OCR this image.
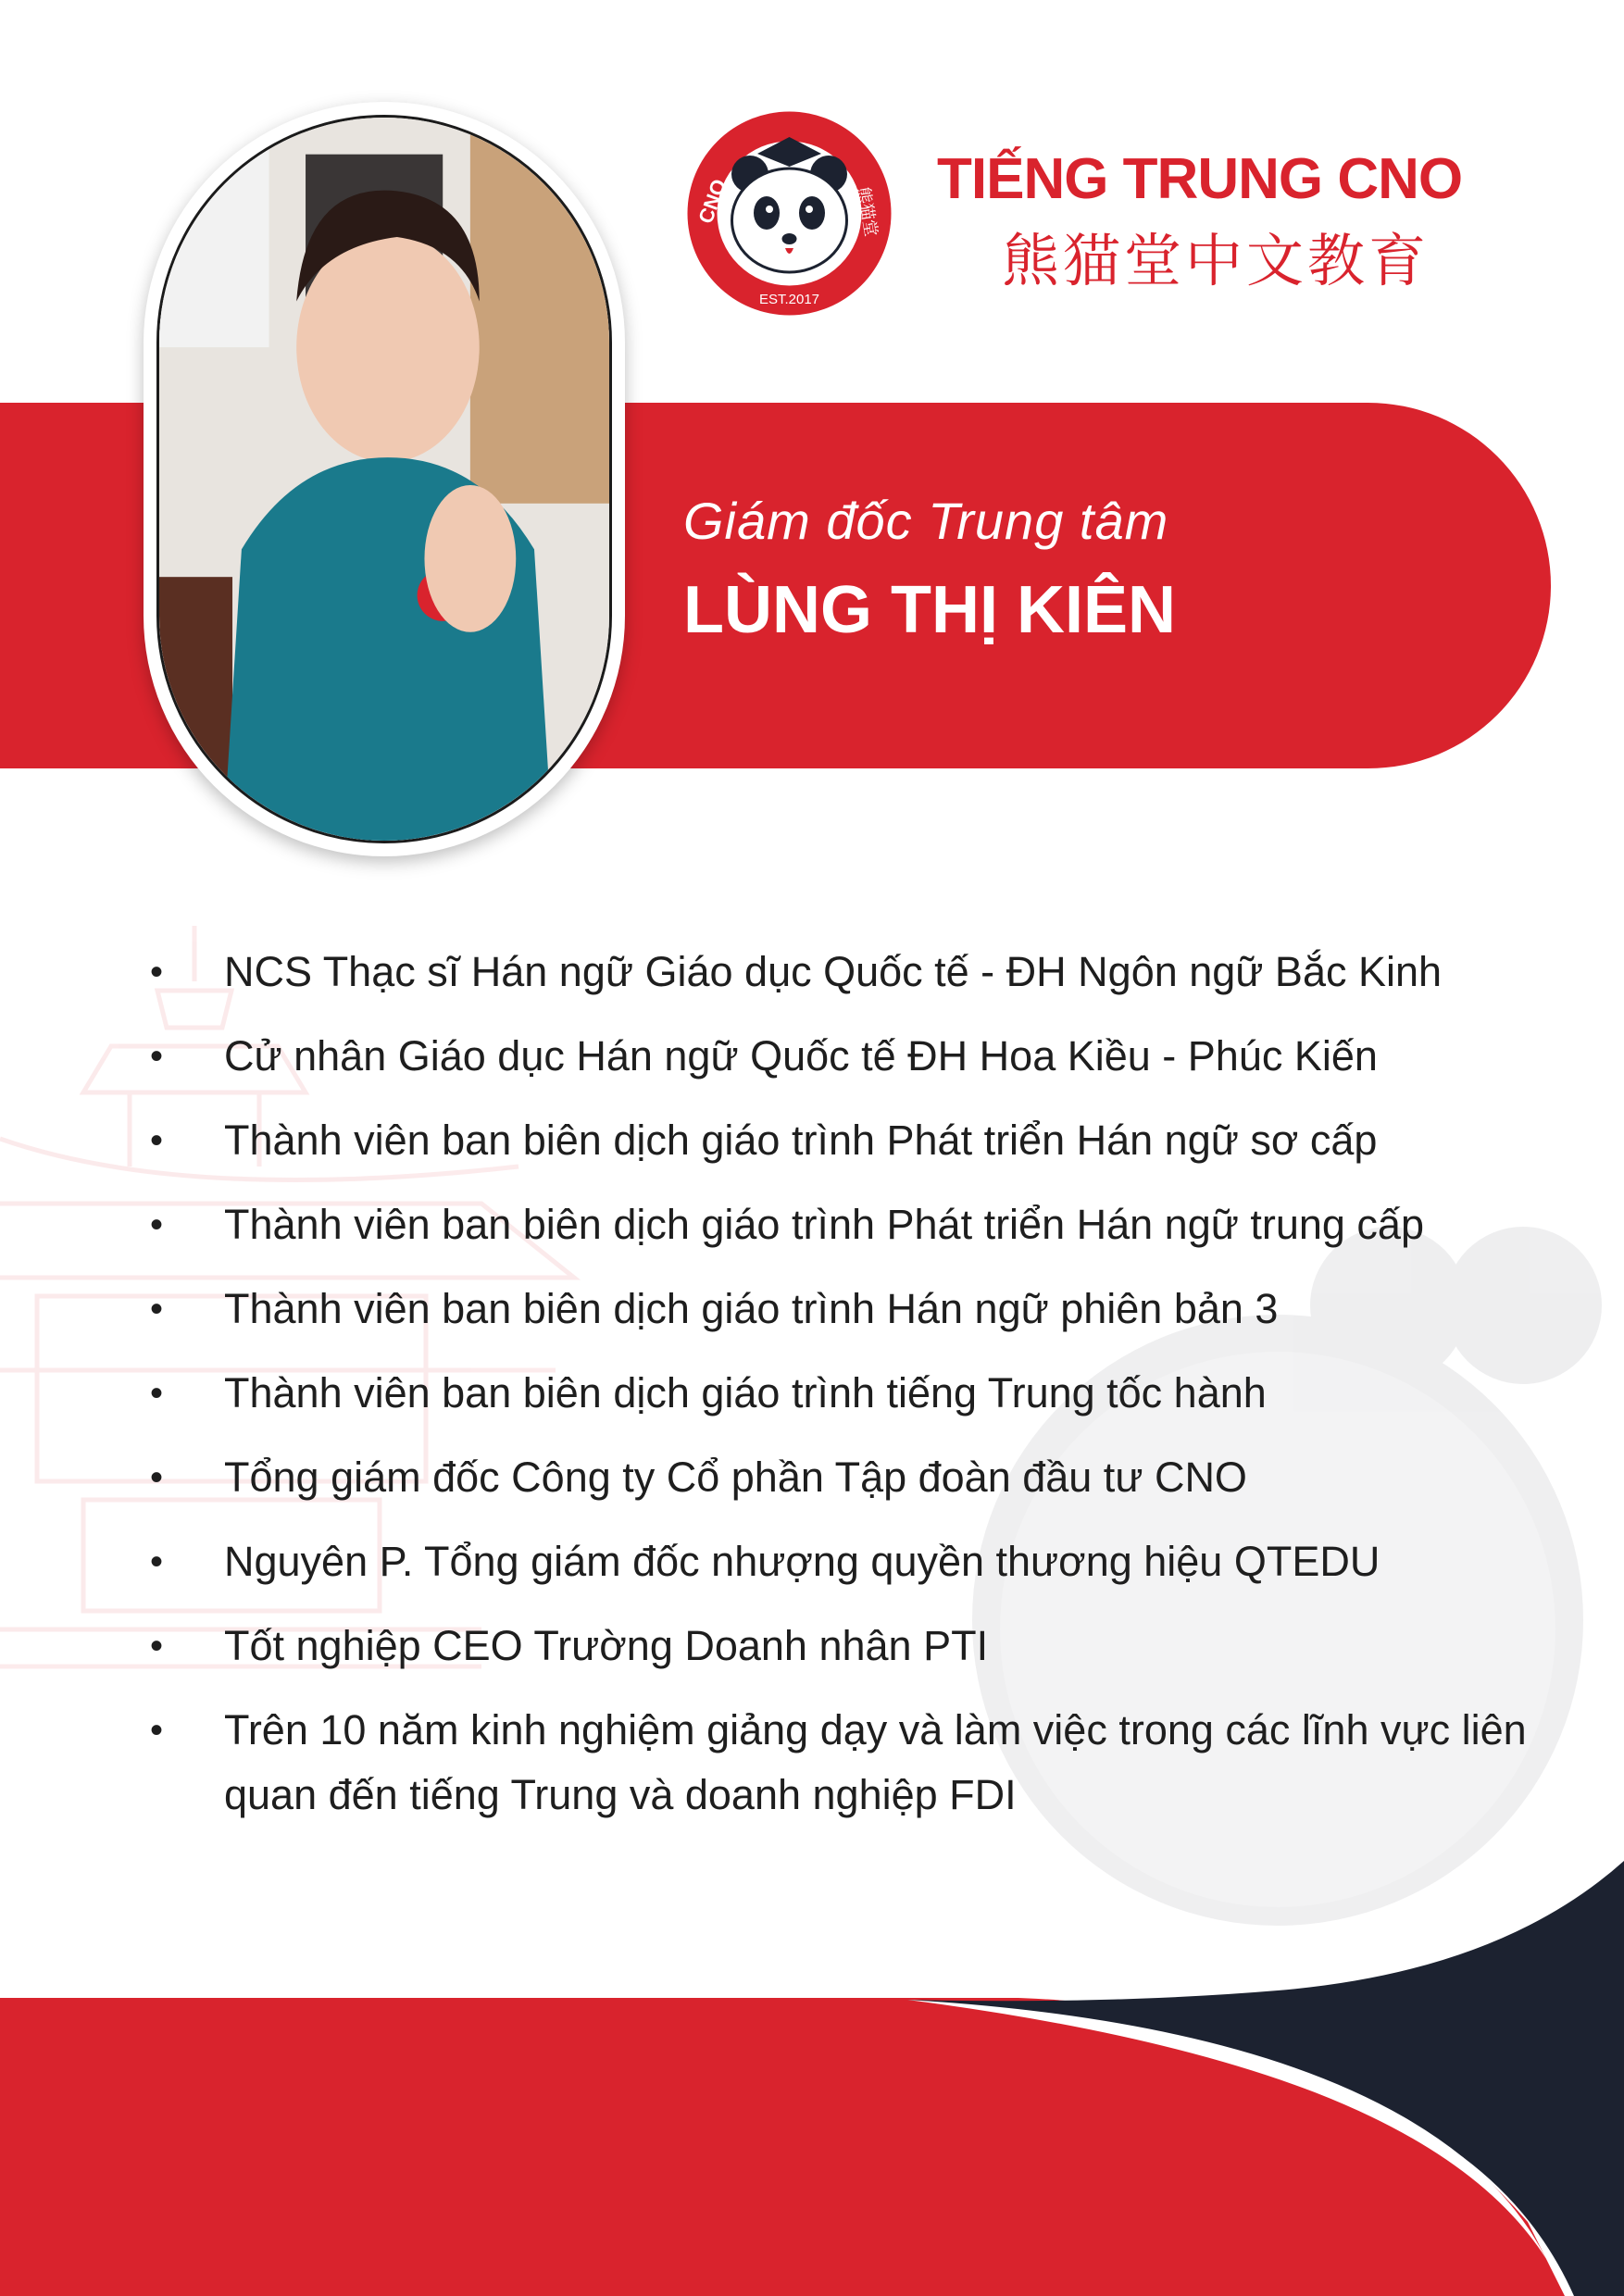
Giám đốc Trung tâm
LÙNG THỊ KIÊN
CNO	熊猫堂
EST.2017
TIẾNG TRUNG CNO
熊猫堂中文教育
• NCS Thạc sĩ Hán ngữ Giáo dục Quốc tế - ĐH Ngôn ngữ Bắc Kinh
• Cử nhân Giáo dục Hán ngữ Quốc tế ĐH Hoa Kiều - Phúc Kiến
• Thành viên ban biên dịch giáo trình Phát triển Hán ngữ sơ cấp
• Thành viên ban biên dịch giáo trình Phát triển Hán ngữ trung cấp
• Thành viên ban biên dịch giáo trình Hán ngữ phiên bản 3
• Thành viên ban biên dịch giáo trình tiếng Trung tốc hành
• Tổng giám đốc Công ty Cổ phần Tập đoàn đầu tư CNO
• Nguyên P. Tổng giám đốc nhượng quyền thương hiệu QTEDU
• Tốt nghiệp CEO Trường Doanh nhân PTI
• Trên 10 năm kinh nghiệm giảng dạy và làm việc trong các lĩnh vực liên quan đến tiếng Trung và doanh nghiệp FDI
